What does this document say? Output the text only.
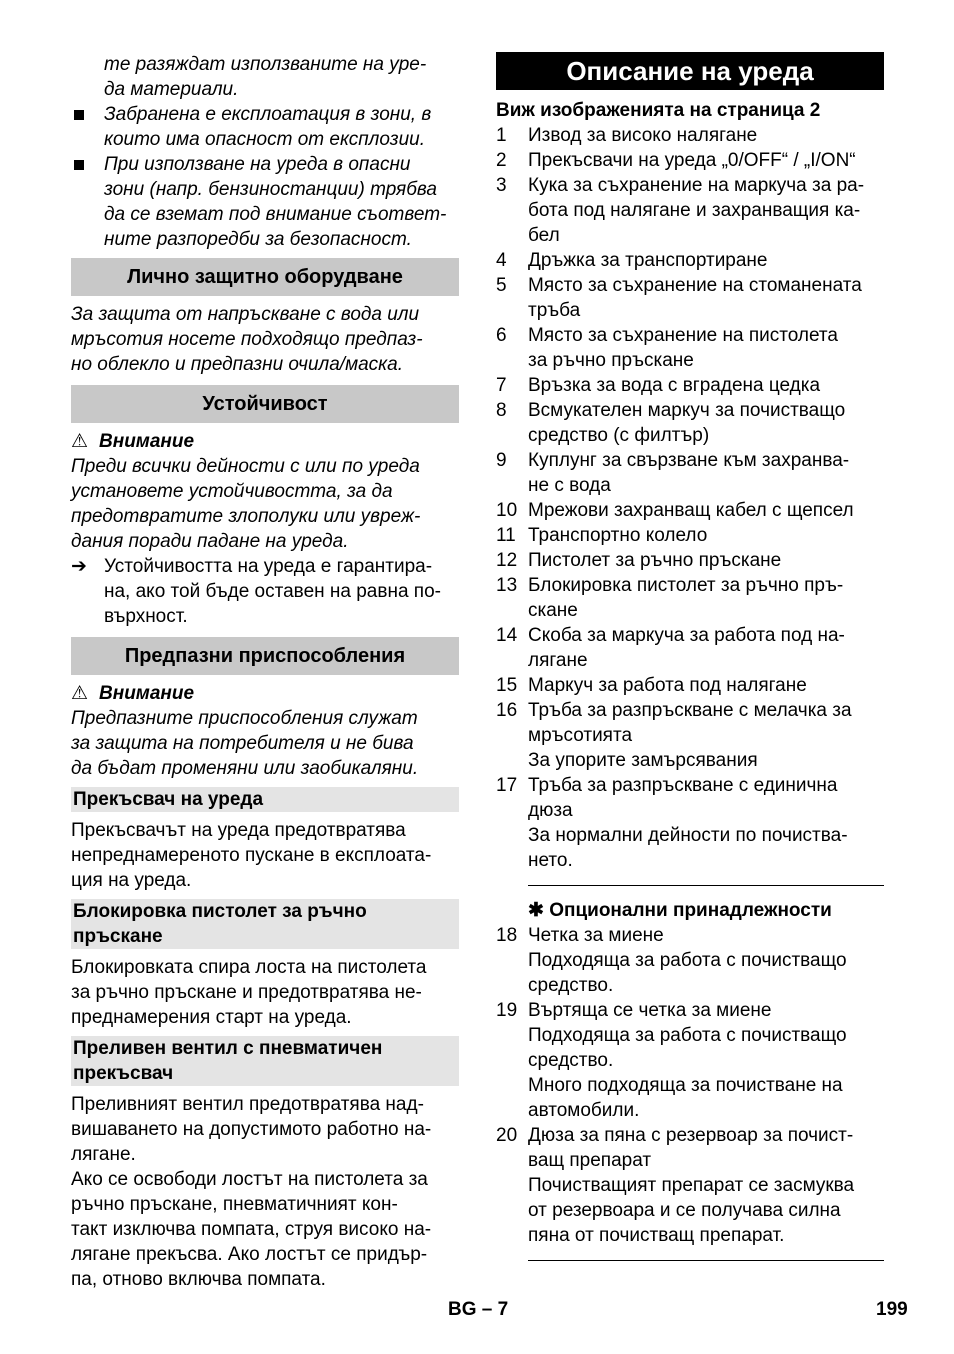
те разяждат използваните на уре-
да материали.
Забранена е експлоатация в зони, в
които има опасност от експлозии.
При използване на уреда в опасни
зони (напр. бензиностанции) трябва
да се вземат под внимание съответ-
ните разпоредби за безопасност.
Лично защитно оборудване
За защита от напръскване с вода или
мръсотия носете подходящо предпаз-
но облекло и предпазни очила/маска.
Устойчивост
⚠ Внимание
Преди всички дейности с или по уреда
установете устойчивостта, за да
предотвратите злополуки или увреж-
дания поради падане на уреда.
➔ Устойчивостта на уреда е гарантира-
на, ако той бъде оставен на равна по-
върхност.
Предпазни приспособления
⚠ Внимание
Предпазните приспособления служат
за защита на потребителя и не бива
да бъдат променяни или заобикаляни.
Прекъсвач на уреда
Прекъсвачът на уреда предотвратява
непреднамереното пускане в експлоата-
ция на уреда.
Блокировка пистолет за ръчно
пръскане
Блокировката спира лоста на пистолета
за ръчно пръскане и предотвратява не-
преднамерения старт на уреда.
Преливен вентил с пневматичен
прекъсвач
Преливният вентил предотвратява над-
вишаването на допустимото работно на-
лягане.
Ако се освободи лостът на пистолета за
ръчно пръскане, пневматичният кон-
такт изключва помпата, струя високо на-
лягане прекъсва. Ако лостът се придър-
па, отново включва помпата.
Описание на уреда
Виж изображенията на страница 2
1 Извод за високо налягане
2 Прекъсвачи на уреда „0/OFF“ / „I/ON“
3 Кука за съхранение на маркуча за ра-
бота под налягане и захранващия ка-
бел
4 Дръжка за транспортиране
5 Място за съхранение на стоманената
тръба
6 Място за съхранение на пистолета
за ръчно пръскане
7 Връзка за вода с вградена цедка
8 Всмукателен маркуч за почистващо
средство (с филтър)
9 Куплунг за свързване към захранва-
не с вода
10 Мрежови захранващ кабел с щепсел
11 Транспортно колело
12 Пистолет за ръчно пръскане
13 Блокировка пистолет за ръчно пръ-
скане
14 Скоба за маркуча за работа под на-
лягане
15 Маркуч за работа под налягане
16 Тръба за разпръскване с мелачка за
мръсотията
За упорите замърсявания
17 Тръба за разпръскване с единична
дюза
За нормални дейности по почиства-
нето.
✱ Опционални принадлежности
18 Четка за миене
Подходяща за работа с почистващо
средство.
19 Въртяща се четка за миене
Подходяща за работа с почистващо
средство.
Много подходяща за почистване на
автомобили.
20 Дюза за пяна с резервоар за почист-
ващ препарат
Почистващият препарат се засмуква
от резервоара и се получава силна
пяна от почистващ препарат.
BG – 7	199
